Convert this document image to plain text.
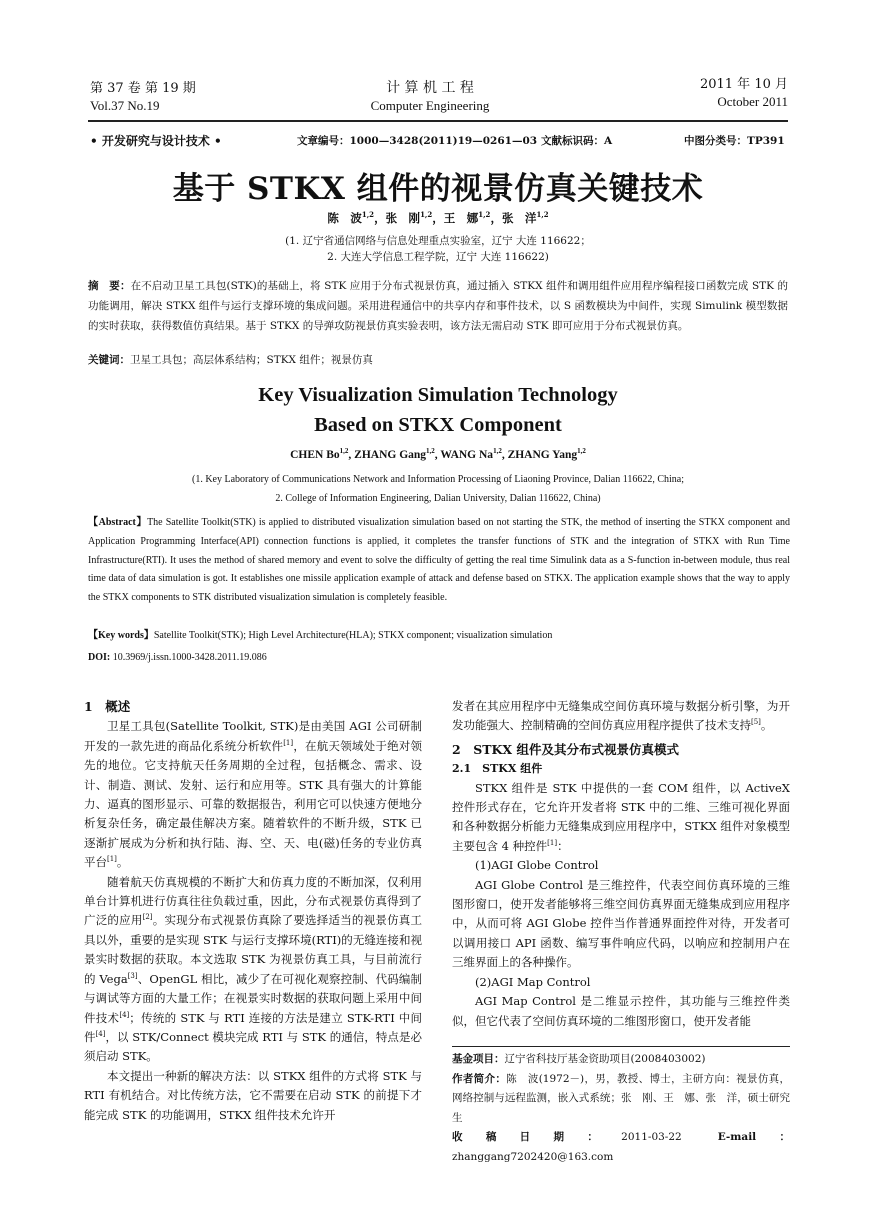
第 37 卷 第 19 期
Vol.37 No.19
计 算 机 工 程
Computer Engineering
2011 年 10 月
October 2011
• 开发研究与设计技术 •	文章编号：1000—3428(2011)19—0261—03 文献标识码：A	中图分类号：TP391
基于 STKX 组件的视景仿真关键技术
陈　波$^{1,2}$，张　刚$^{1,2}$，王　娜$^{1,2}$，张　洋$^{1,2}$
(1. 辽宁省通信网络与信息处理重点实验室，辽宁 大连 116622；
2. 大连大学信息工程学院，辽宁 大连 116622)
摘　要：在不启动卫星工具包(STK)的基础上，将 STK 应用于分布式视景仿真，通过插入 STKX 组件和调用组件应用程序编程接口函数完成 STK 的功能调用，解决 STKX 组件与运行支撑环境的集成问题。采用进程通信中的共享内存和事件技术，以 S 函数模块为中间件，实现 Simulink 模型数据的实时获取，获得数值仿真结果。基于 STKX 的导弹攻防视景仿真实验表明，该方法无需启动 STK 即可应用于分布式视景仿真。
关键词：卫星工具包；高层体系结构；STKX 组件；视景仿真
Key Visualization Simulation Technology
Based on STKX Component
CHEN Bo$^{1,2}$, ZHANG Gang$^{1,2}$, WANG Na$^{1,2}$, ZHANG Yang$^{1,2}$
(1. Key Laboratory of Communications Network and Information Processing of Liaoning Province, Dalian 116622, China;
2. College of Information Engineering, Dalian University, Dalian 116622, China)
【Abstract】The Satellite Toolkit(STK) is applied to distributed visualization simulation based on not starting the STK, the method of inserting the STKX component and Application Programming Interface(API) connection functions is applied, it completes the transfer functions of STK and the integration of STKX with Run Time Infrastructure(RTI). It uses the method of shared memory and event to solve the difficulty of getting the real time Simulink data as a S-function in-between module, thus real time data of data simulation is got. It establishes one missile application example of attack and defense based on STKX. The application example shows that the way to apply the STKX components to STK distributed visualization simulation is completely feasible.
【Key words】Satellite Toolkit(STK); High Level Architecture(HLA); STKX component; visualization simulation
DOI: 10.3969/j.issn.1000-3428.2011.19.086

1　概述

卫星工具包(Satellite Toolkit, STK)是由美国 AGI 公司研制开发的一款先进的商品化系统分析软件[1]，在航天领域处于绝对领先的地位。它支持航天任务周期的全过程，包括概念、需求、设计、制造、测试、发射、运行和应用等。STK 具有强大的计算能力、逼真的图形显示、可靠的数据报告，利用它可以快速方便地分析复杂任务，确定最佳解决方案。随着软件的不断升级，STK 已逐渐扩展成为分析和执行陆、海、空、天、电(磁)任务的专业仿真平台[1]。

随着航天仿真规模的不断扩大和仿真力度的不断加深，仅利用单台计算机进行仿真往往负载过重，因此，分布式视景仿真得到了广泛的应用[2]。实现分布式视景仿真除了要选择适当的视景仿真工具以外，重要的是实现 STK 与运行支撑环境(RTI)的无缝连接和视景实时数据的获取。本文选取 STK 为视景仿真工具，与目前流行的 Vega[3]、OpenGL 相比，减少了在可视化观察控制、代码编制与调试等方面的大量工作；在视景实时数据的获取问题上采用中间件技术[4]；传统的 STK 与 RTI 连接的方法是建立 STK-RTI 中间件[4]，以 STK/Connect 模块完成 RTI 与 STK 的通信，特点是必须启动 STK。

本文提出一种新的解决方法：以 STKX 组件的方式将 STK 与 RTI 有机结合。对比传统方法，它不需要在启动 STK 的前提下才能完成 STK 的功能调用，STKX 组件技术允许开

发者在其应用程序中无缝集成空间仿真环境与数据分析引擎，为开发功能强大、控制精确的空间仿真应用程序提供了技术支持[5]。

2　STKX 组件及其分布式视景仿真模式

2.1　STKX 组件

STKX 组件是 STK 中提供的一套 COM 组件，以 ActiveX 控件形式存在，它允许开发者将 STK 中的二维、三维可视化界面和各种数据分析能力无缝集成到应用程序中，STKX 组件对象模型主要包含 4 种控件[1]：

(1)AGI Globe Control

AGI Globe Control 是三维控件，代表空间仿真环境的三维图形窗口，使开发者能够将三维空间仿真界面无缝集成到应用程序中，从而可将 AGI Globe 控件当作普通界面控件对待，开发者可以调用接口 API 函数、编写事件响应代码，以响应和控制用户在三维界面上的各种操作。

(2)AGI Map Control

AGI Map Control 是二维显示控件，其功能与三维控件类似，但它代表了空间仿真环境的二维图形窗口，使开发者能

基金项目：辽宁省科技厅基金资助项目(2008403002)
作者简介：陈　波(1972－)，男，教授、博士，主研方向：视景仿真，网络控制与远程监测，嵌入式系统；张　刚、王　娜、张　洋，硕士研究生
收稿日期：2011-03-22	E-mail：zhanggang7202420@163.com
